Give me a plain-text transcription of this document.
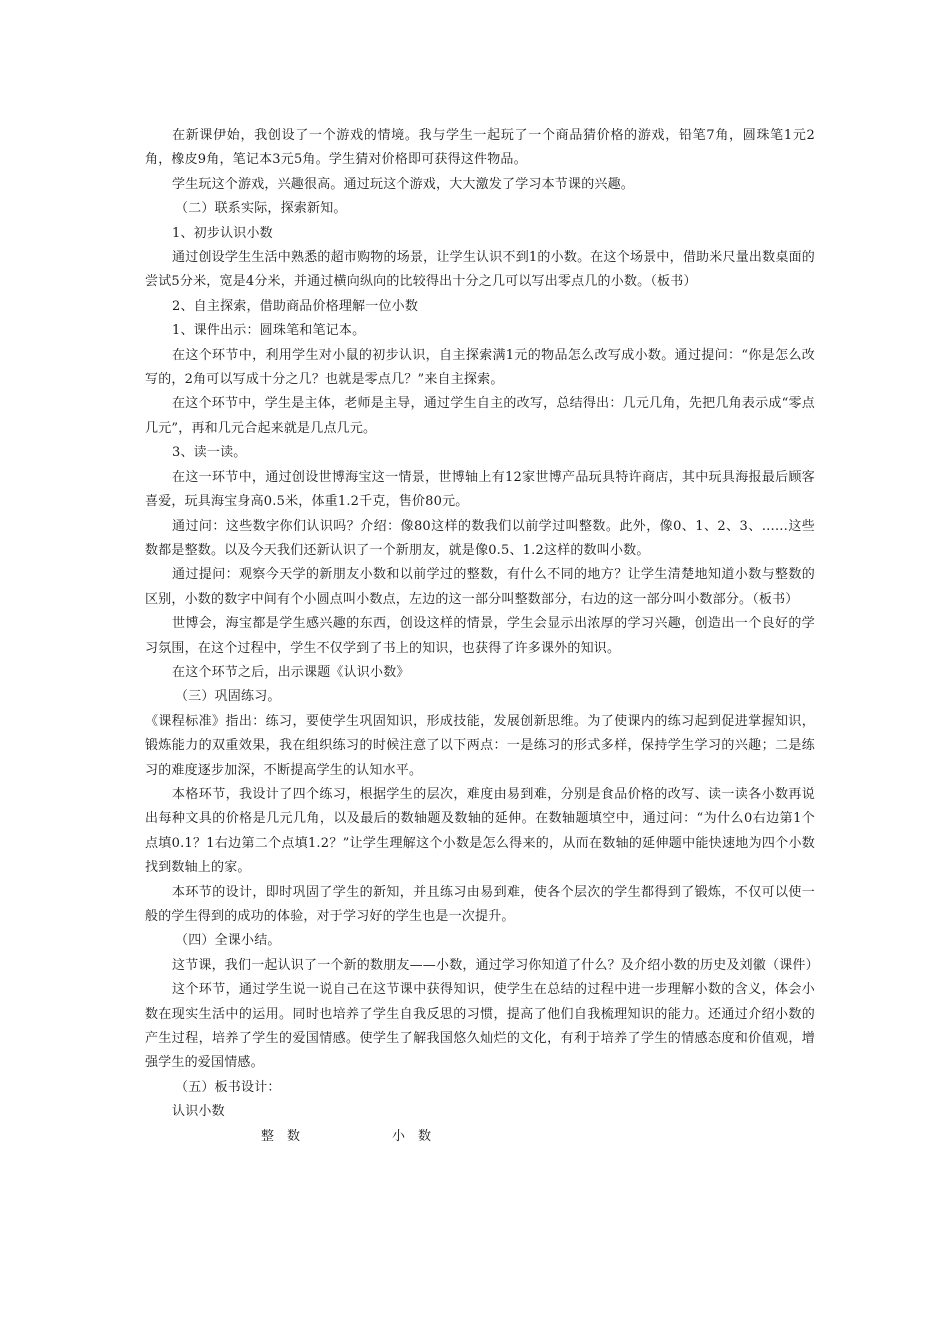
在新课伊始，我创设了一个游戏的情境。我与学生一起玩了一个商品猜价格的游戏，铅笔7角，圆珠笔1元2角，橡皮9角，笔记本3元5角。学生猜对价格即可获得这件物品。

学生玩这个游戏，兴趣很高。通过玩这个游戏，大大激发了学习本节课的兴趣。

（二）联系实际，探索新知。

1、初步认识小数

通过创设学生生活中熟悉的超市购物的场景，让学生认识不到1的小数。在这个场景中，借助米尺量出数桌面的尝试5分米，宽是4分米，并通过横向纵向的比较得出十分之几可以写出零点几的小数。（板书）

2、自主探索，借助商品价格理解一位小数

1、课件出示：圆珠笔和笔记本。

在这个环节中，利用学生对小鼠的初步认识，自主探索满1元的物品怎么改写成小数。通过提问：“你是怎么改写的，2角可以写成十分之几？也就是零点几？”来自主探索。

在这个环节中，学生是主体，老师是主导，通过学生自主的改写，总结得出：几元几角，先把几角表示成“零点几元”，再和几元合起来就是几点几元。

3、读一读。

在这一环节中，通过创设世博海宝这一情景，世博轴上有12家世博产品玩具特许商店，其中玩具海报最后顾客喜爱，玩具海宝身高0.5米，体重1.2千克，售价80元。

通过问：这些数字你们认识吗？介绍：像80这样的数我们以前学过叫整数。此外，像0、1、2、3、……这些数都是整数。以及今天我们还新认识了一个新朋友，就是像0.5、1.2这样的数叫小数。

通过提问：观察今天学的新朋友小数和以前学过的整数，有什么不同的地方？让学生清楚地知道小数与整数的区别，小数的数字中间有个小圆点叫小数点，左边的这一部分叫整数部分，右边的这一部分叫小数部分。（板书）

世博会，海宝都是学生感兴趣的东西，创设这样的情景，学生会显示出浓厚的学习兴趣，创造出一个良好的学习氛围，在这个过程中，学生不仅学到了书上的知识，也获得了许多课外的知识。

在这个环节之后，出示课题《认识小数》

（三）巩固练习。

《课程标准》指出：练习，要使学生巩固知识，形成技能，发展创新思维。为了使课内的练习起到促进掌握知识，锻炼能力的双重效果，我在组织练习的时候注意了以下两点：一是练习的形式多样，保持学生学习的兴趣；二是练习的难度逐步加深，不断提高学生的认知水平。

本格环节，我设计了四个练习，根据学生的层次，难度由易到难，分别是食品价格的改写、读一读各小数再说出每种文具的价格是几元几角，以及最后的数轴题及数轴的延伸。在数轴题填空中，通过问：“为什么0右边第1个点填0.1？1右边第二个点填1.2？”让学生理解这个小数是怎么得来的，从而在数轴的延伸题中能快速地为四个小数找到数轴上的家。

本环节的设计，即时巩固了学生的新知，并且练习由易到难，使各个层次的学生都得到了锻炼，不仅可以使一般的学生得到的成功的体验，对于学习好的学生也是一次提升。

（四）全课小结。

这节课，我们一起认识了一个新的数朋友——小数，通过学习你知道了什么？及介绍小数的历史及刘徽（课件）

这个环节，通过学生说一说自己在这节课中获得知识，使学生在总结的过程中进一步理解小数的含义，体会小数在现实生活中的运用。同时也培养了学生自我反思的习惯，提高了他们自我梳理知识的能力。还通过介绍小数的产生过程，培养了学生的爱国情感。使学生了解我国悠久灿烂的文化，有利于培养了学生的情感态度和价值观，增强学生的爱国情感。

（五）板书设计：

认识小数

整　数	小　数
